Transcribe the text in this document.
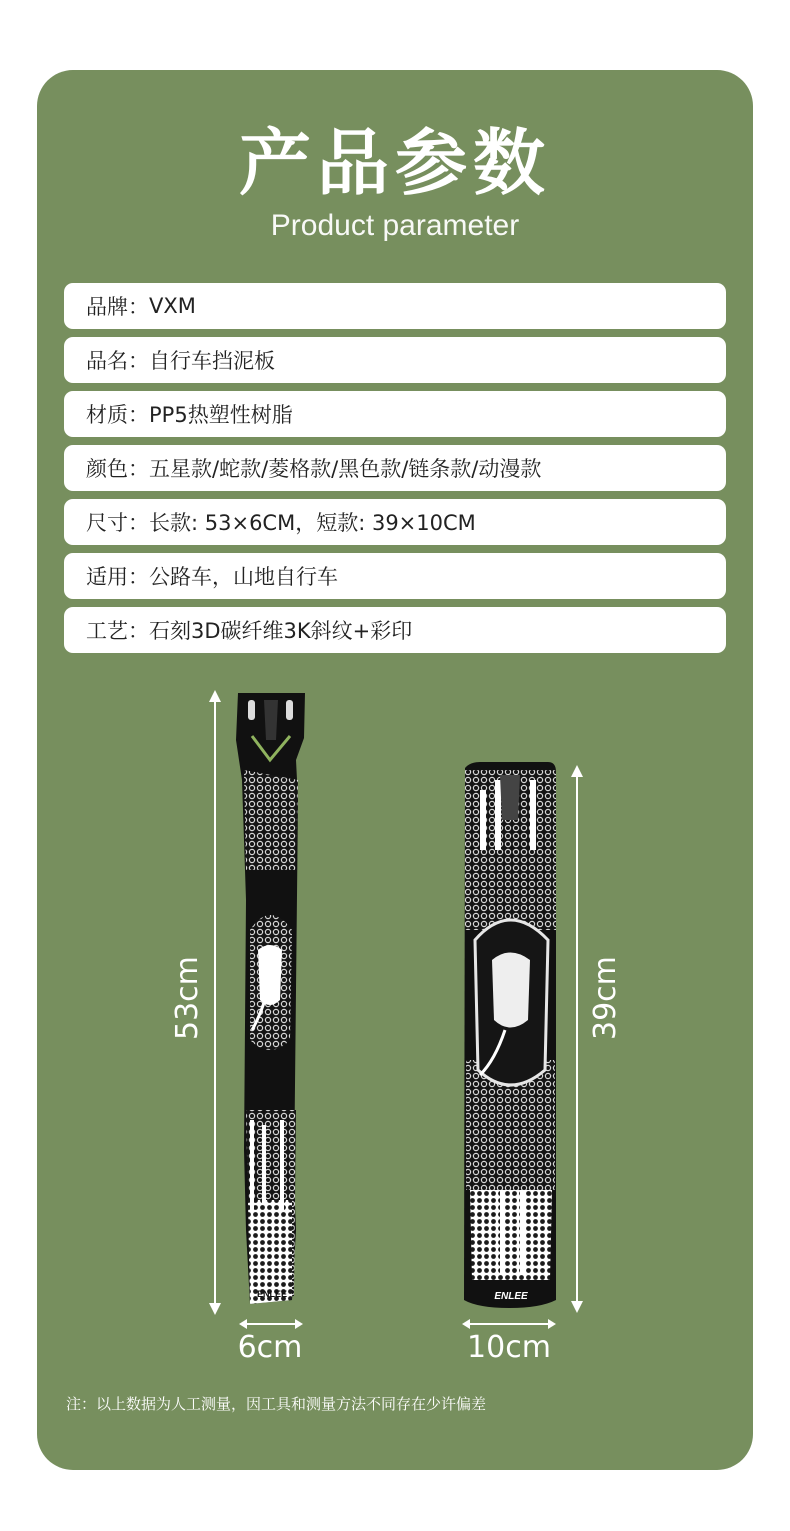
产品参数
Product parameter
品牌： VXM
品名： 自行车挡泥板
材质： PP5热塑性树脂
颜色： 五星款/蛇款/菱格款/黑色款/链条款/动漫款
尺寸： 长款: 53×6CM，短款: 39×10CM
适用： 公路车，山地自行车
工艺： 石刻3D碳纤维3K斜纹+彩印
ENLEE	ENLEE
53cm	39cm
6cm	10cm
注：以上数据为人工测量，因工具和测量方法不同存在少许偏差
